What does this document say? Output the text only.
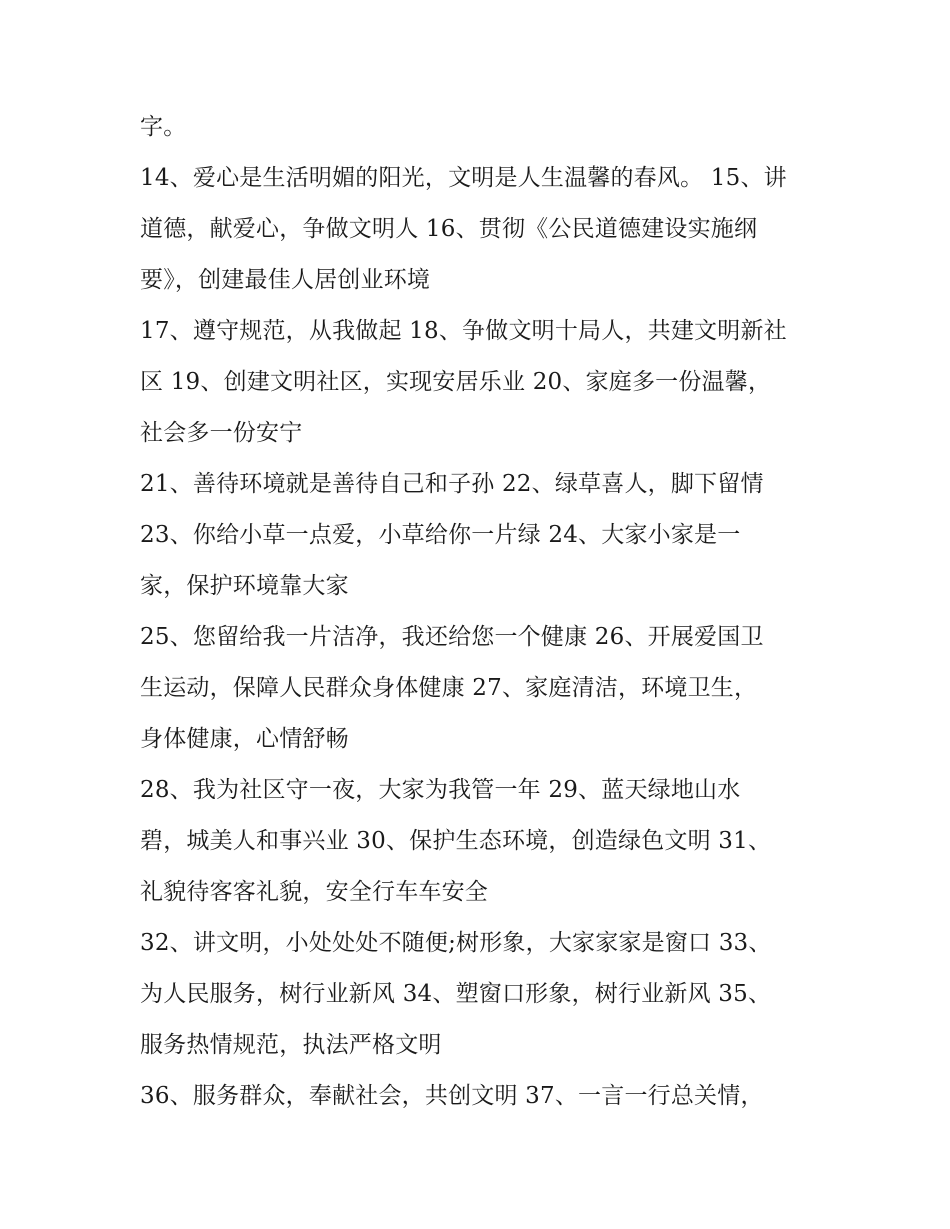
字。
14、爱心是生活明媚的阳光，文明是人生温馨的春风。 15、讲
道德，献爱心，争做文明人 16、贯彻《公民道德建设实施纲
要》，创建最佳人居创业环境
17、遵守规范，从我做起 18、争做文明十局人，共建文明新社
区 19、创建文明社区，实现安居乐业 20、家庭多一份温馨，
社会多一份安宁
21、善待环境就是善待自己和子孙 22、绿草喜人，脚下留情
23、你给小草一点爱，小草给你一片绿 24、大家小家是一
家，保护环境靠大家
25、您留给我一片洁净，我还给您一个健康 26、开展爱国卫
生运动，保障人民群众身体健康 27、家庭清洁，环境卫生，
身体健康，心情舒畅
28、我为社区守一夜，大家为我管一年 29、蓝天绿地山水
碧，城美人和事兴业 30、保护生态环境，创造绿色文明 31、
礼貌待客客礼貌，安全行车车安全
32、讲文明，小处处处不随便;树形象，大家家家是窗口 33、
为人民服务，树行业新风 34、塑窗口形象，树行业新风 35、
服务热情规范，执法严格文明
36、服务群众，奉献社会，共创文明 37、一言一行总关情，
